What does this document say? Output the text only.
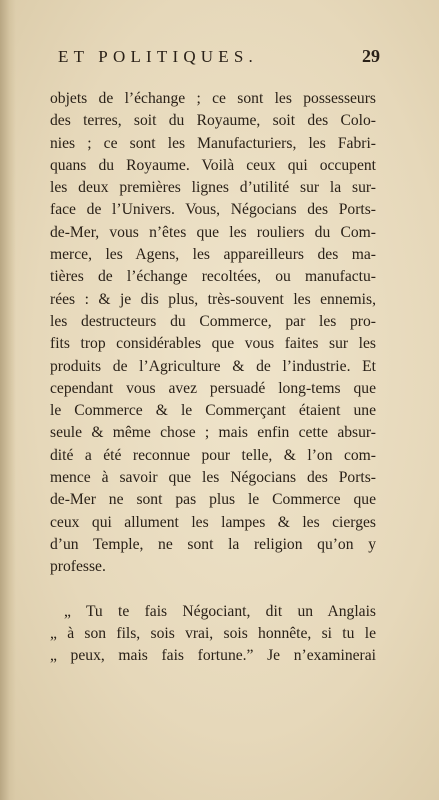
ET POLITIQUES.	29
objets de l’échange ; ce sont les possesseurs
des terres, soit du Royaume, soit des Colo-
nies ; ce sont les Manufacturiers, les Fabri-
quans du Royaume. Voilà ceux qui occupent
les deux premières lignes d’utilité sur la sur-
face de l’Univers. Vous, Négocians des Ports-
de-Mer, vous n’êtes que les rouliers du Com-
merce, les Agens, les appareilleurs des ma-
tières de l’échange recoltées, ou manufactu-
rées : & je dis plus, très-souvent les ennemis,
les destructeurs du Commerce, par les pro-
fits trop considérables que vous faites sur les
produits de l’Agriculture & de l’industrie. Et
cependant vous avez persuadé long-tems que
le Commerce & le Commerçant étaient une
seule & même chose ; mais enfin cette absur-
dité a été reconnue pour telle, & l’on com-
mence à savoir que les Négocians des Ports-
de-Mer ne sont pas plus le Commerce que
ceux qui allument les lampes & les cierges
d’un Temple, ne sont la religion qu’on y
professe.
„ Tu te fais Négociant, dit un Anglais
„ à son fils, sois vrai, sois honnête, si tu le
„ peux, mais fais fortune.” Je n’examinerai
